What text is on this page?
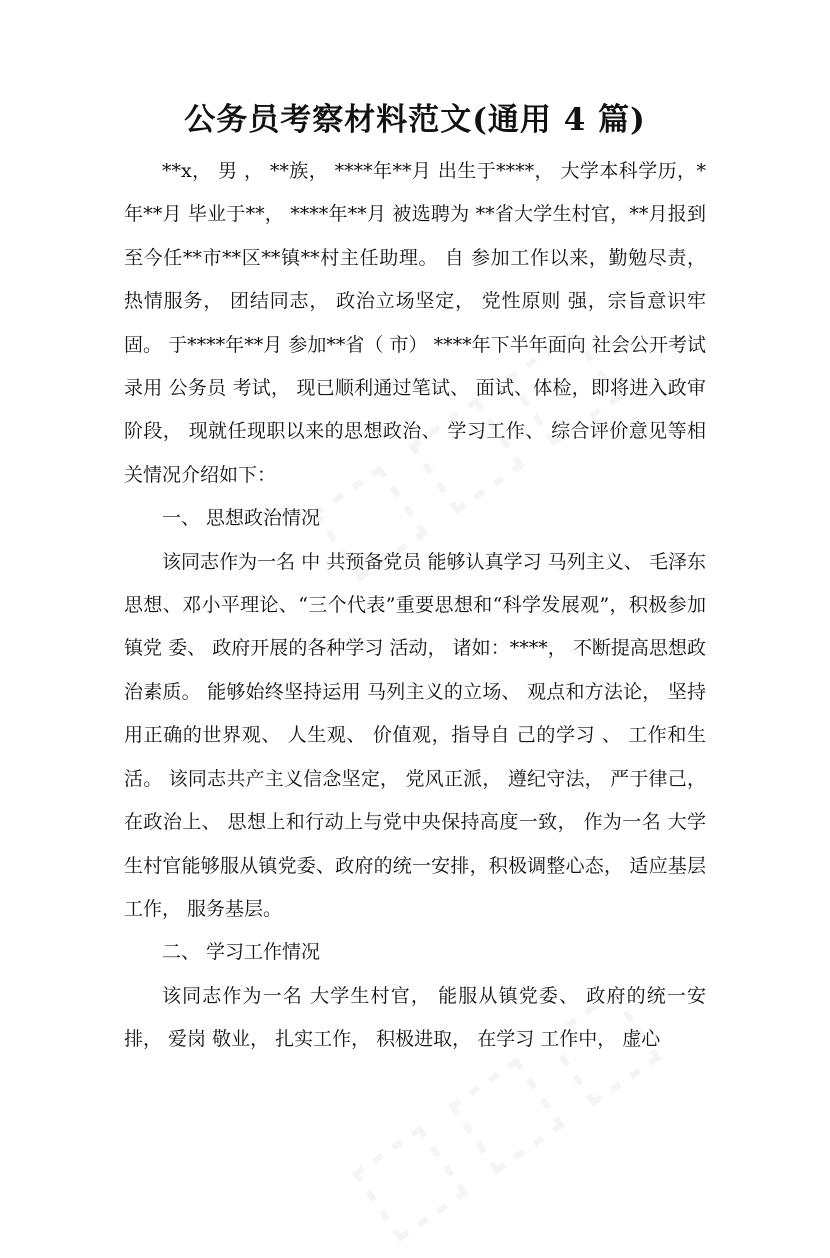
公务员考察材料范文(通用 4 篇)

**x， 男 ， **族， ****年**月 出生于****， 大学本科学历，*年**月 毕业于**， ****年**月 被选聘为 **省大学生村官，**月报到至今任**市**区**镇**村主任助理。 自 参加工作以来，勤勉尽责， 热情服务， 团结同志， 政治立场坚定， 党性原则 强，宗旨意识牢固。 于****年**月 参加**省（ 市） ****年下半年面向 社会公开考试录用 公务员 考试， 现已顺利通过笔试、 面试、体检，即将进入政审阶段， 现就任现职以来的思想政治、 学习工作、 综合评价意见等相关情况介绍如下：

一、 思想政治情况

该同志作为一名 中 共预备党员 能够认真学习 马列主义、 毛泽东思想、邓小平理论、“三个代表”重要思想和“科学发展观”，积极参加镇党 委、 政府开展的各种学习 活动， 诸如：****， 不断提高思想政治素质。 能够始终坚持运用 马列主义的立场、 观点和方法论， 坚持用正确的世界观、 人生观、 价值观，指导自 己的学习 、 工作和生活。 该同志共产主义信念坚定， 党风正派， 遵纪守法， 严于律己， 在政治上、 思想上和行动上与党中央保持高度一致， 作为一名 大学生村官能够服从镇党委、政府的统一安排，积极调整心态， 适应基层工作， 服务基层。

二、 学习工作情况

该同志作为一名 大学生村官， 能服从镇党委、 政府的统一安排， 爱岗 敬业， 扎实工作， 积极进取， 在学习 工作中， 虚心
